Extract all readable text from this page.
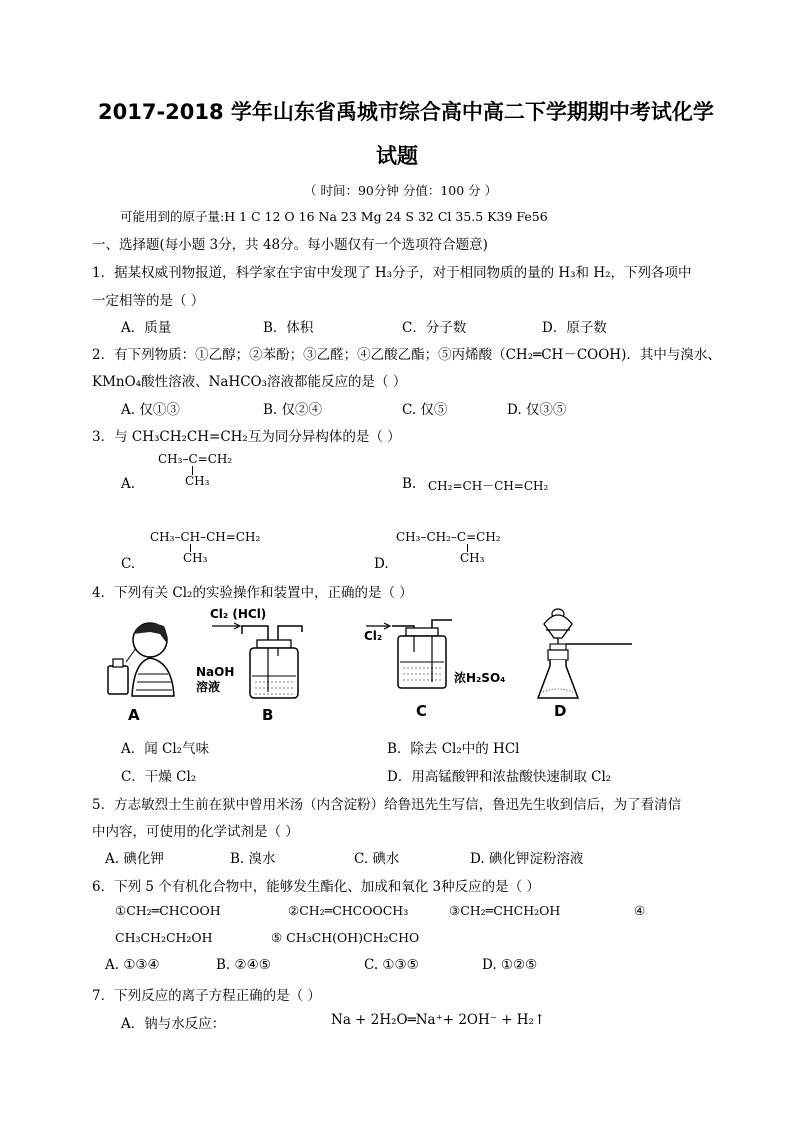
2017-2018 学年山东省禹城市综合高中高二下学期期中考试化学
试题
（ 时间：90分钟 分值：100 分 ）
可能用到的原子量:H 1 C 12 O 16 Na 23 Mg 24 S 32 Cl 35.5 K39 Fe56
一、选择题(每小题 3分，共 48分。每小题仅有一个选项符合题意)
1．据某权威刊物报道，科学家在宇宙中发现了 H₃分子，对于相同物质的量的 H₃和 H₂，下列各项中
一定相等的是（ ）
A．质量	B．体积	C．分子数	D．原子数
2．有下列物质：①乙醇；②苯酚；③乙醛；④乙酸乙酯；⑤丙烯酸（CH₂═CH－COOH)．其中与溴水、
KMnO₄酸性溶液、NaHCO₃溶液都能反应的是（ ）
A. 仅①③	B. 仅②④	C. 仅⑤	D. 仅③⑤
3．与 CH₃CH₂CH=CH₂互为同分异构体的是（ ）
CH₃–C=CH₂
CH₃
A.	B. CH₂=CH－CH=CH₂
CH₃–CH–CH=CH₂
CH₃
C.
CH₃–CH₂–C=CH₂
CH₃
D.
4．下列有关 Cl₂的实验操作和装置中，正确的是（ ）
A
Cl₂ (HCl)
NaOH
溶液
B
Cl₂
浓H₂SO₄
C	D
A．闻 Cl₂气味	B．除去 Cl₂中的 HCl
C．干燥 Cl₂	D．用高锰酸钾和浓盐酸快速制取 Cl₂
5．方志敏烈士生前在狱中曾用米汤（内含淀粉）给鲁迅先生写信，鲁迅先生收到信后，为了看清信
中内容，可使用的化学试剂是（ ）
A. 碘化钾	B. 溴水	C. 碘水	D. 碘化钾淀粉溶液
6．下列 5 个有机化合物中，能够发生酯化、加成和氧化 3种反应的是（ ）
①CH₂═CHCOOH	②CH₂═CHCOOCH₃	③CH₂═CHCH₂OH	④
CH₃CH₂CH₂OH	⑤ CH₃CH(OH)CH₂CHO
A. ①③④	B. ②④⑤	C. ①③⑤	D. ①②⑤
7．下列反应的离子方程正确的是（ ）
A．钠与水反应：	Na + 2H₂O═Na⁺+ 2OH⁻ + H₂↑
